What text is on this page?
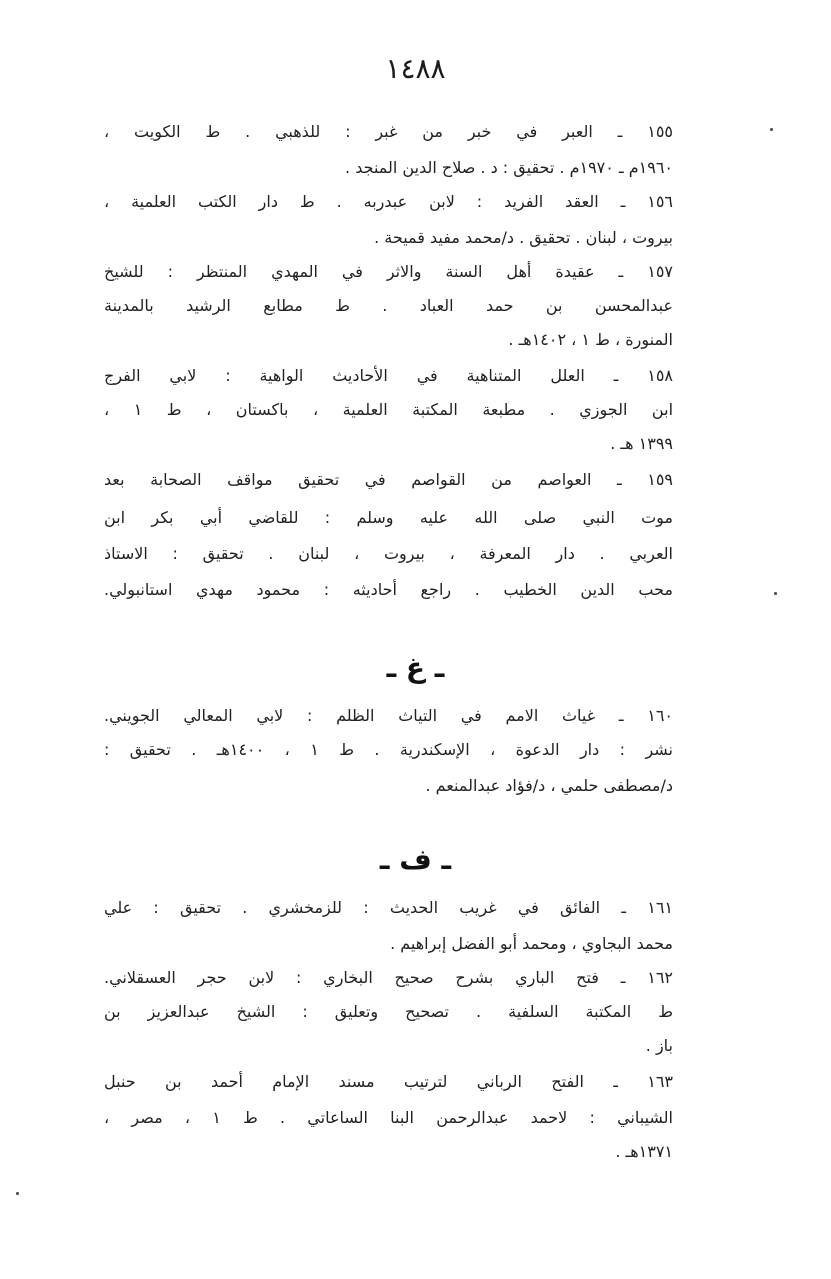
١٤٨٨
١٥٥ ـ العبر في خبر من غبر : للذهبي . ط الكويت ،
١٩٦٠م ـ ١٩٧٠م . تحقيق : د . صلاح الدين المنجد .
١٥٦ ـ العقد الفريد : لابن عبدربه . ط دار الكتب العلمية ،
بيروت ، لبنان . تحقيق . د/محمد مفيد قميحة .
١٥٧ ـ عقيدة أهل السنة والاثر في المهدي المنتظر : للشيخ
عبدالمحسن بن حمد العباد . ط مطابع الرشيد بالمدينة
المنورة ، ط ١ ، ١٤٠٢هـ .
١٥٨ ـ العلل المتناهية في الأحاديث الواهية : لابي الفرج
ابن الجوزي . مطبعة المكتبة العلمية ، باكستان ، ط ١ ،
١٣٩٩ هـ .
١٥٩ ـ العواصم من القواصم في تحقيق مواقف الصحابة بعد
موت النبي صلى الله عليه وسلم : للقاضي أبي بكر ابن
العربي . دار المعرفة ، بيروت ، لبنان . تحقيق : الاستاذ
محب الدين الخطيب . راجع أحاديثه : محمود مهدي استانبولي.
ـ غ ـ
١٦٠ ـ غياث الامم في التياث الظلم : لابي المعالي الجويني.
نشر : دار الدعوة ، الإسكندرية . ط ١ ، ١٤٠٠هـ . تحقيق :
د/مصطفى حلمي ، د/فؤاد عبدالمنعم .
ـ ف ـ
١٦١ ـ الفائق في غريب الحديث : للزمخشري . تحقيق : علي
محمد البجاوي ، ومحمد أبو الفضل إبراهيم .
١٦٢ ـ فتح الباري بشرح صحيح البخاري : لابن حجر العسقلاني.
ط المكتبة السلفية . تصحيح وتعليق : الشيخ عبدالعزيز بن
باز .
١٦٣ ـ الفتح الرباني لترتيب مسند الإمام أحمد بن حنبل
الشيباني : لاحمد عبدالرحمن البنا الساعاتي . ط ١ ، مصر ،
١٣٧١هـ .
